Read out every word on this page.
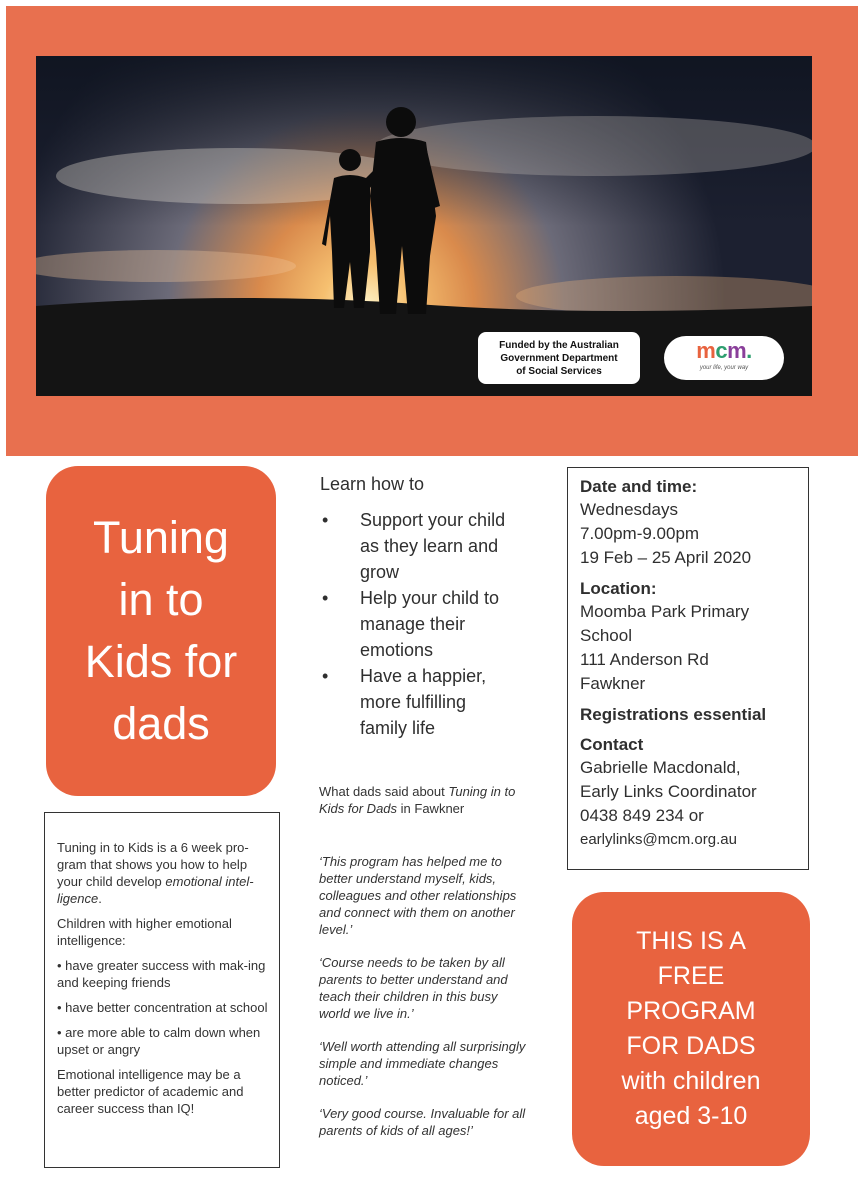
Funded by the Australian
Government Department
of Social Services
mcm.
your life, your way
Tuning
in to
Kids for
dads
Learn how to
• Support your child
as they learn and
grow
• Help your child to
manage their
emotions
• Have a happier,
more fulfilling
family life

What dads said about Tuning in to Kids for Dads in Fawkner

‘This program has helped me to better understand myself, kids, colleagues and other relationships and connect with them on another level.’

‘Course needs to be taken by all parents to better understand and teach their children in this busy world we live in.’

‘Well worth attending all surprisingly simple and immediate changes noticed.’

‘Very good course. Invaluable for all parents of kids of all ages!’

Date and time:
Wednesdays
7.00pm-9.00pm
19 Feb – 25 April 2020
Location:
Moomba Park Primary
School
111 Anderson Rd
Fawkner
Registrations essential
Contact
Gabrielle Macdonald,
Early Links Coordinator
0438 849 234 or
earlylinks@mcm.org.au
THIS IS A
FREE
PROGRAM
FOR DADS
with children
aged 3-10

Tuning in to Kids is a 6 week pro-gram that shows you how to help your child develop emotional intel-ligence.

Children with higher emotional intelligence:

• have greater success with mak-ing and keeping friends

• have better concentration at school

• are more able to calm down when upset or angry

Emotional intelligence may be a better predictor of academic and career success than IQ!
